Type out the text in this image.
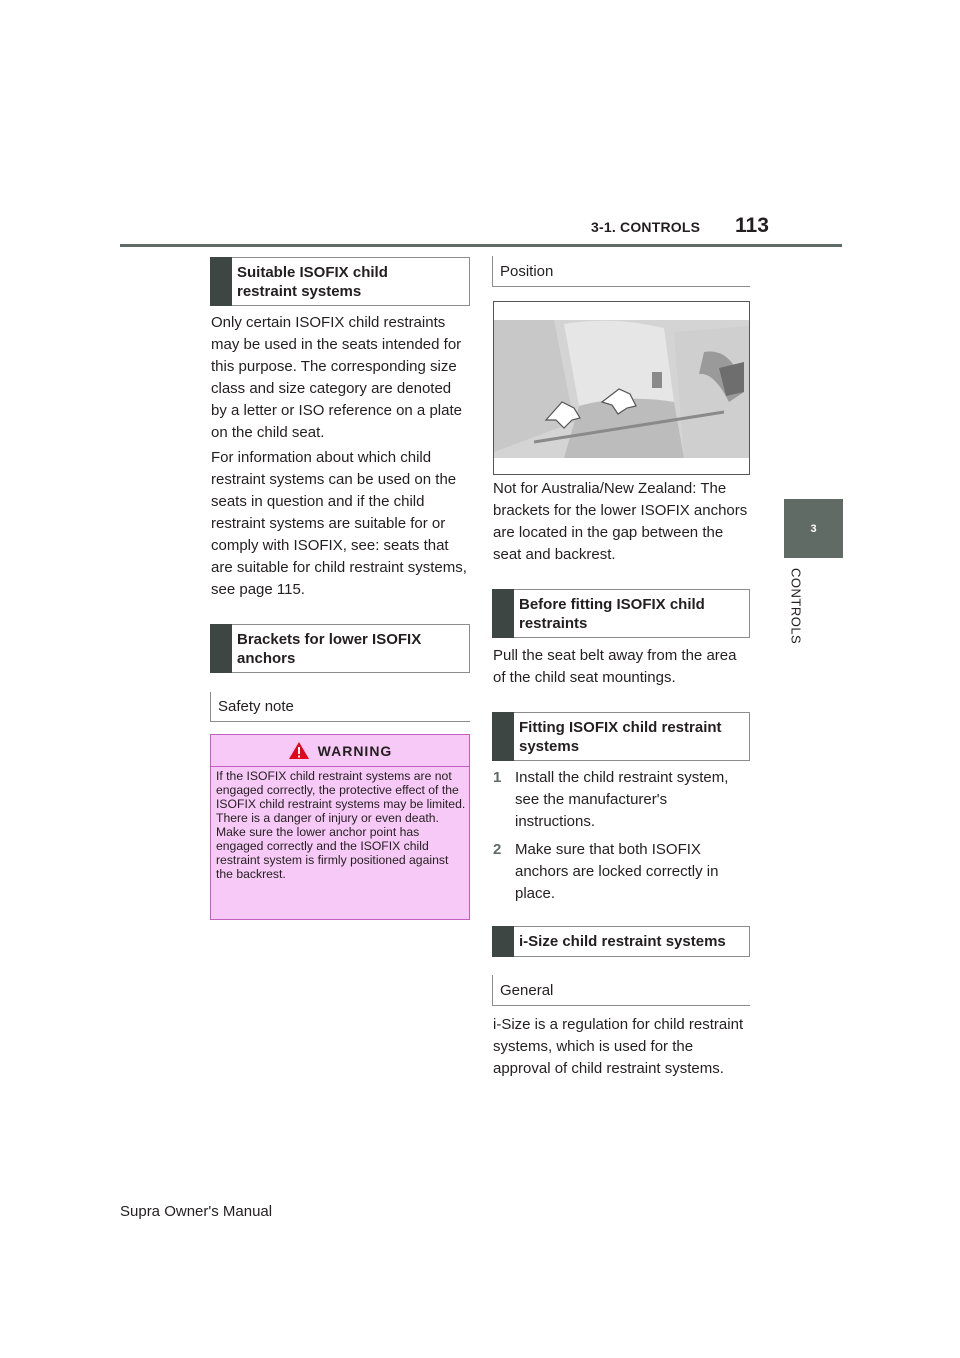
3-1. CONTROLS 113
3
CONTROLS
Suitable ISOFIX child restraint systems
Only certain ISOFIX child restraints may be used in the seats intended for this purpose. The corresponding size class and size category are denoted by a letter or ISO reference on a plate on the child seat.
For information about which child restraint systems can be used on the seats in question and if the child restraint systems are suitable for or comply with ISOFIX, see: seats that are suitable for child restraint systems, see page 115.
Brackets for lower ISOFIX anchors
Safety note
WARNING
If the ISOFIX child restraint systems are not engaged correctly, the protective effect of the ISOFIX child restraint systems may be limited. There is a danger of injury or even death. Make sure the lower anchor point has engaged correctly and the ISOFIX child restraint system is firmly positioned against the backrest.
Position
Not for Australia/New Zealand: The brackets for the lower ISOFIX anchors are located in the gap between the seat and backrest.
Before fitting ISOFIX child restraints
Pull the seat belt away from the area of the child seat mountings.
Fitting ISOFIX child restraint systems
1 Install the child restraint system, see the manufacturer's instructions.
2 Make sure that both ISOFIX anchors are locked correctly in place.
i-Size child restraint systems
General
i-Size is a regulation for child restraint systems, which is used for the approval of child restraint systems.
Supra Owner's Manual
